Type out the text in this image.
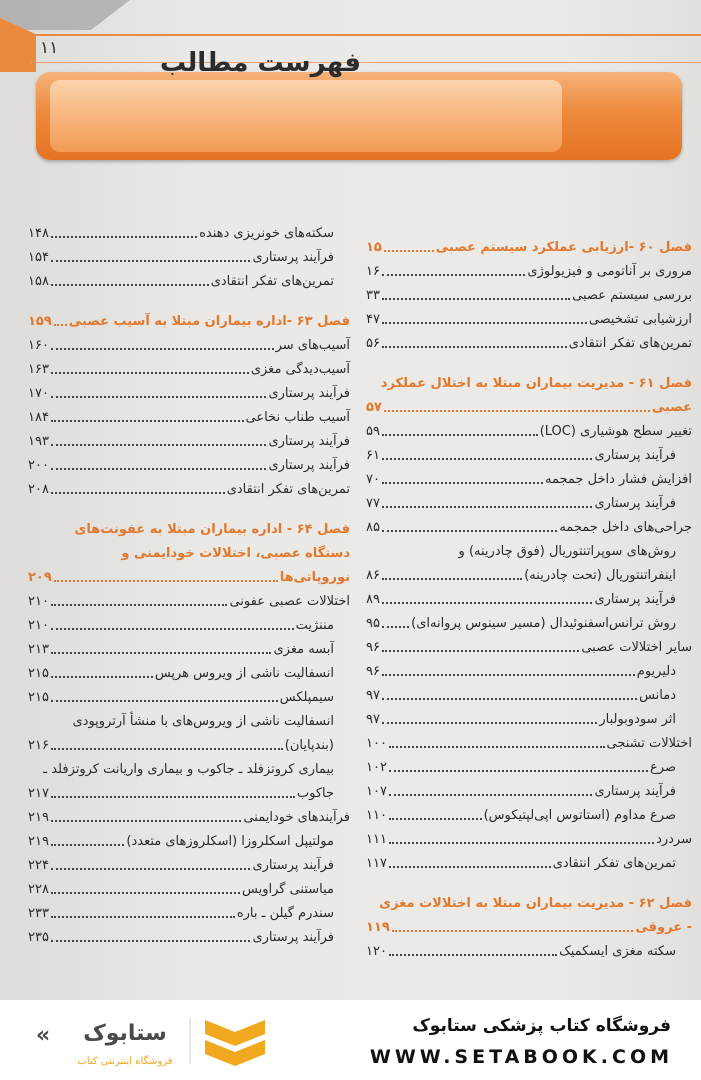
۱۱	فهرست مطالب
فصل ۶۰ -ارزیابی عملکرد سیستم عصبی
۱۵
مروری بر آناتومی و فیزیولوژی
۱۶
بررسی سیستم عصبی
۳۳
ارزشیابی تشخیصی
۴۷
تمرین‌های تفکر انتقادی
۵۶
فصل ۶۱ - مدیریت بیماران مبتلا به اختلال عملکرد
عصبی
۵۷
تغییر سطح هوشیاری (LOC)
۵۹
فرآیند پرستاری
۶۱
افزایش فشار داخل جمجمه
۷۰
فرآیند پرستاری
۷۷
جراحی‌های داخل جمجمه
۸۵
روش‌های سوپراتنتوریال (فوق چادرینه) و
اینفراتنتوریال (تحت چادرینه)
۸۶
فرآیند پرستاری
۸۹
روش ترانس‌اسفنوئیدال (مسیر سینوس پروانه‌ای)
۹۵
سایر اختلالات عصبی
۹۶
دلیریوم
۹۶
دمانس
۹۷
اثر سودوبولبار
۹۷
اختلالات تشنجی
۱۰۰
صرع
۱۰۲
فرآیند پرستاری
۱۰۷
صرع مداوم (استاتوس اپی‌لپتیکوس)
۱۱۰
سردرد
۱۱۱
تمرین‌های تفکر انتقادی
۱۱۷
فصل ۶۲ - مدیریت بیماران مبتلا به اختلالات مغزی
- عروقی
۱۱۹
سکته مغزی ایسکمیک
۱۲۰
سکته‌های خونریزی دهنده
۱۴۸
فرآیند پرستاری
۱۵۴
تمرین‌های تفکر انتقادی
۱۵۸
فصل ۶۳ -اداره بیماران مبتلا به آسیب عصبی
۱۵۹
آسیب‌های سر
۱۶۰
آسیب‌دیدگی مغزی
۱۶۳
فرآیند پرستاری
۱۷۰
آسیب طناب نخاعی
۱۸۴
فرآیند پرستاری
۱۹۳
فرآیند پرستاری
۲۰۰
تمرین‌های تفکر انتقادی
۲۰۸
فصل ۶۴ - اداره بیماران مبتلا به عفونت‌های
دستگاه عصبی، اختلالات خودایمنی و
نوروپاتی‌ها
۲۰۹
اختلالات عصبی عفونی
۲۱۰
مننژیت
۲۱۰
آبسه مغزی
۲۱۳
انسفالیت ناشی از ویروس هرپس
۲۱۵
سیمپلکس
۲۱۵
انسفالیت ناشی از ویروس‌های با منشأ آرتروپودی
(بندپایان)
۲۱۶
بیماری کروتزفلد ـ جاکوب و بیماری واریانت کروتزفلد ـ
جاکوب
۲۱۷
فرآیندهای خودایمنی
۲۱۹
مولتیپل اسکلروزا (اسکلروزهای متعدد)
۲۱۹
فرآیند پرستاری
۲۲۴
میاستنی گراویس
۲۲۸
سندرم گیلن ـ باره
۲۳۳
فرآیند پرستاری
۲۳۵
« ستابوک
فروشگاه اینترنتی کتاب
فروشگاه کتاب پزشکی ستابوک
WWW.SETABOOK.COM
